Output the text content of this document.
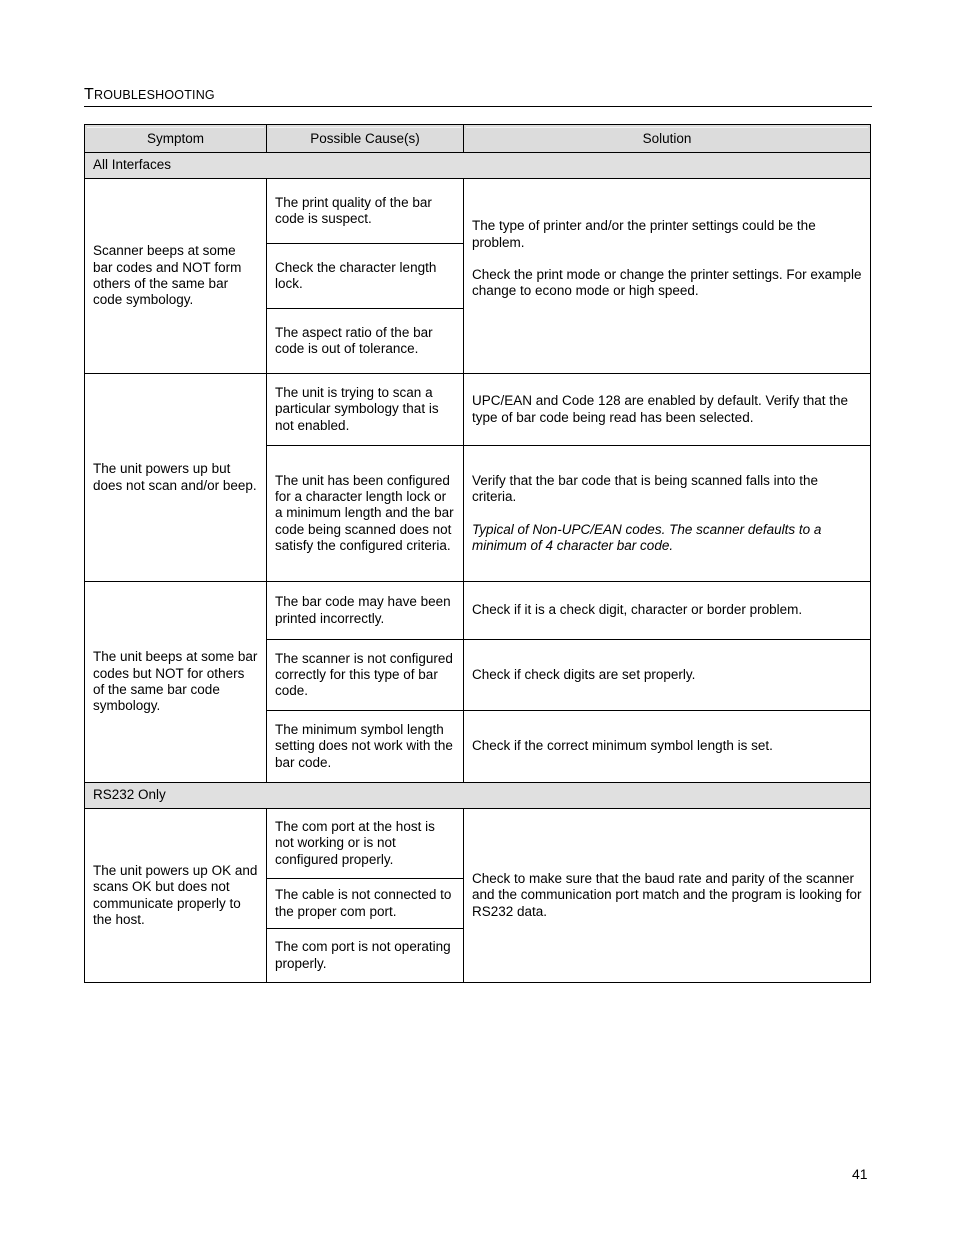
TROUBLESHOOTING
Symptom	Possible Cause(s)	Solution

All Interfaces		
Scanner beeps at some bar codes and NOT form others of the same bar code symbology.	The print quality of the bar code is suspect.	The type of printer and/or the printer settings could be the problem.
Check the print mode or change the printer settings. For example change to econo mode or high speed.

	Check the character length lock.	
	The aspect ratio of the bar code is out of tolerance.	
The unit powers up but does not scan and/or beep.	The unit is trying to scan a particular symbology that is not enabled.	UPC/EAN and Code 128 are enabled by default. Verify that the type of bar code being read has been selected.
	The unit has been configured for a character length lock or a minimum length and the bar code being scanned does not satisfy the configured criteria.	Verify that the bar code that is being scanned falls into the criteria.
Typical of Non-UPC/EAN codes. The scanner defaults to a minimum of 4 character bar code.

The unit beeps at some bar codes but NOT for others of the same bar code symbology.	The bar code may have been printed incorrectly.	Check if it is a check digit, character or border problem.
	The scanner is not configured correctly for this type of bar code.	Check if check digits are set properly.
	The minimum symbol length setting does not work with the bar code.	Check if the correct minimum symbol length is set.
RS232 Only		
The unit powers up OK and scans OK but does not communicate properly to the host.	The com port at the host is not working or is not configured properly.	Check to make sure that the baud rate and parity of the scanner and the communication port match and the program is looking for RS232 data.
	The cable is not connected to the proper com port.	
	The com port is not operating properly.	
41
